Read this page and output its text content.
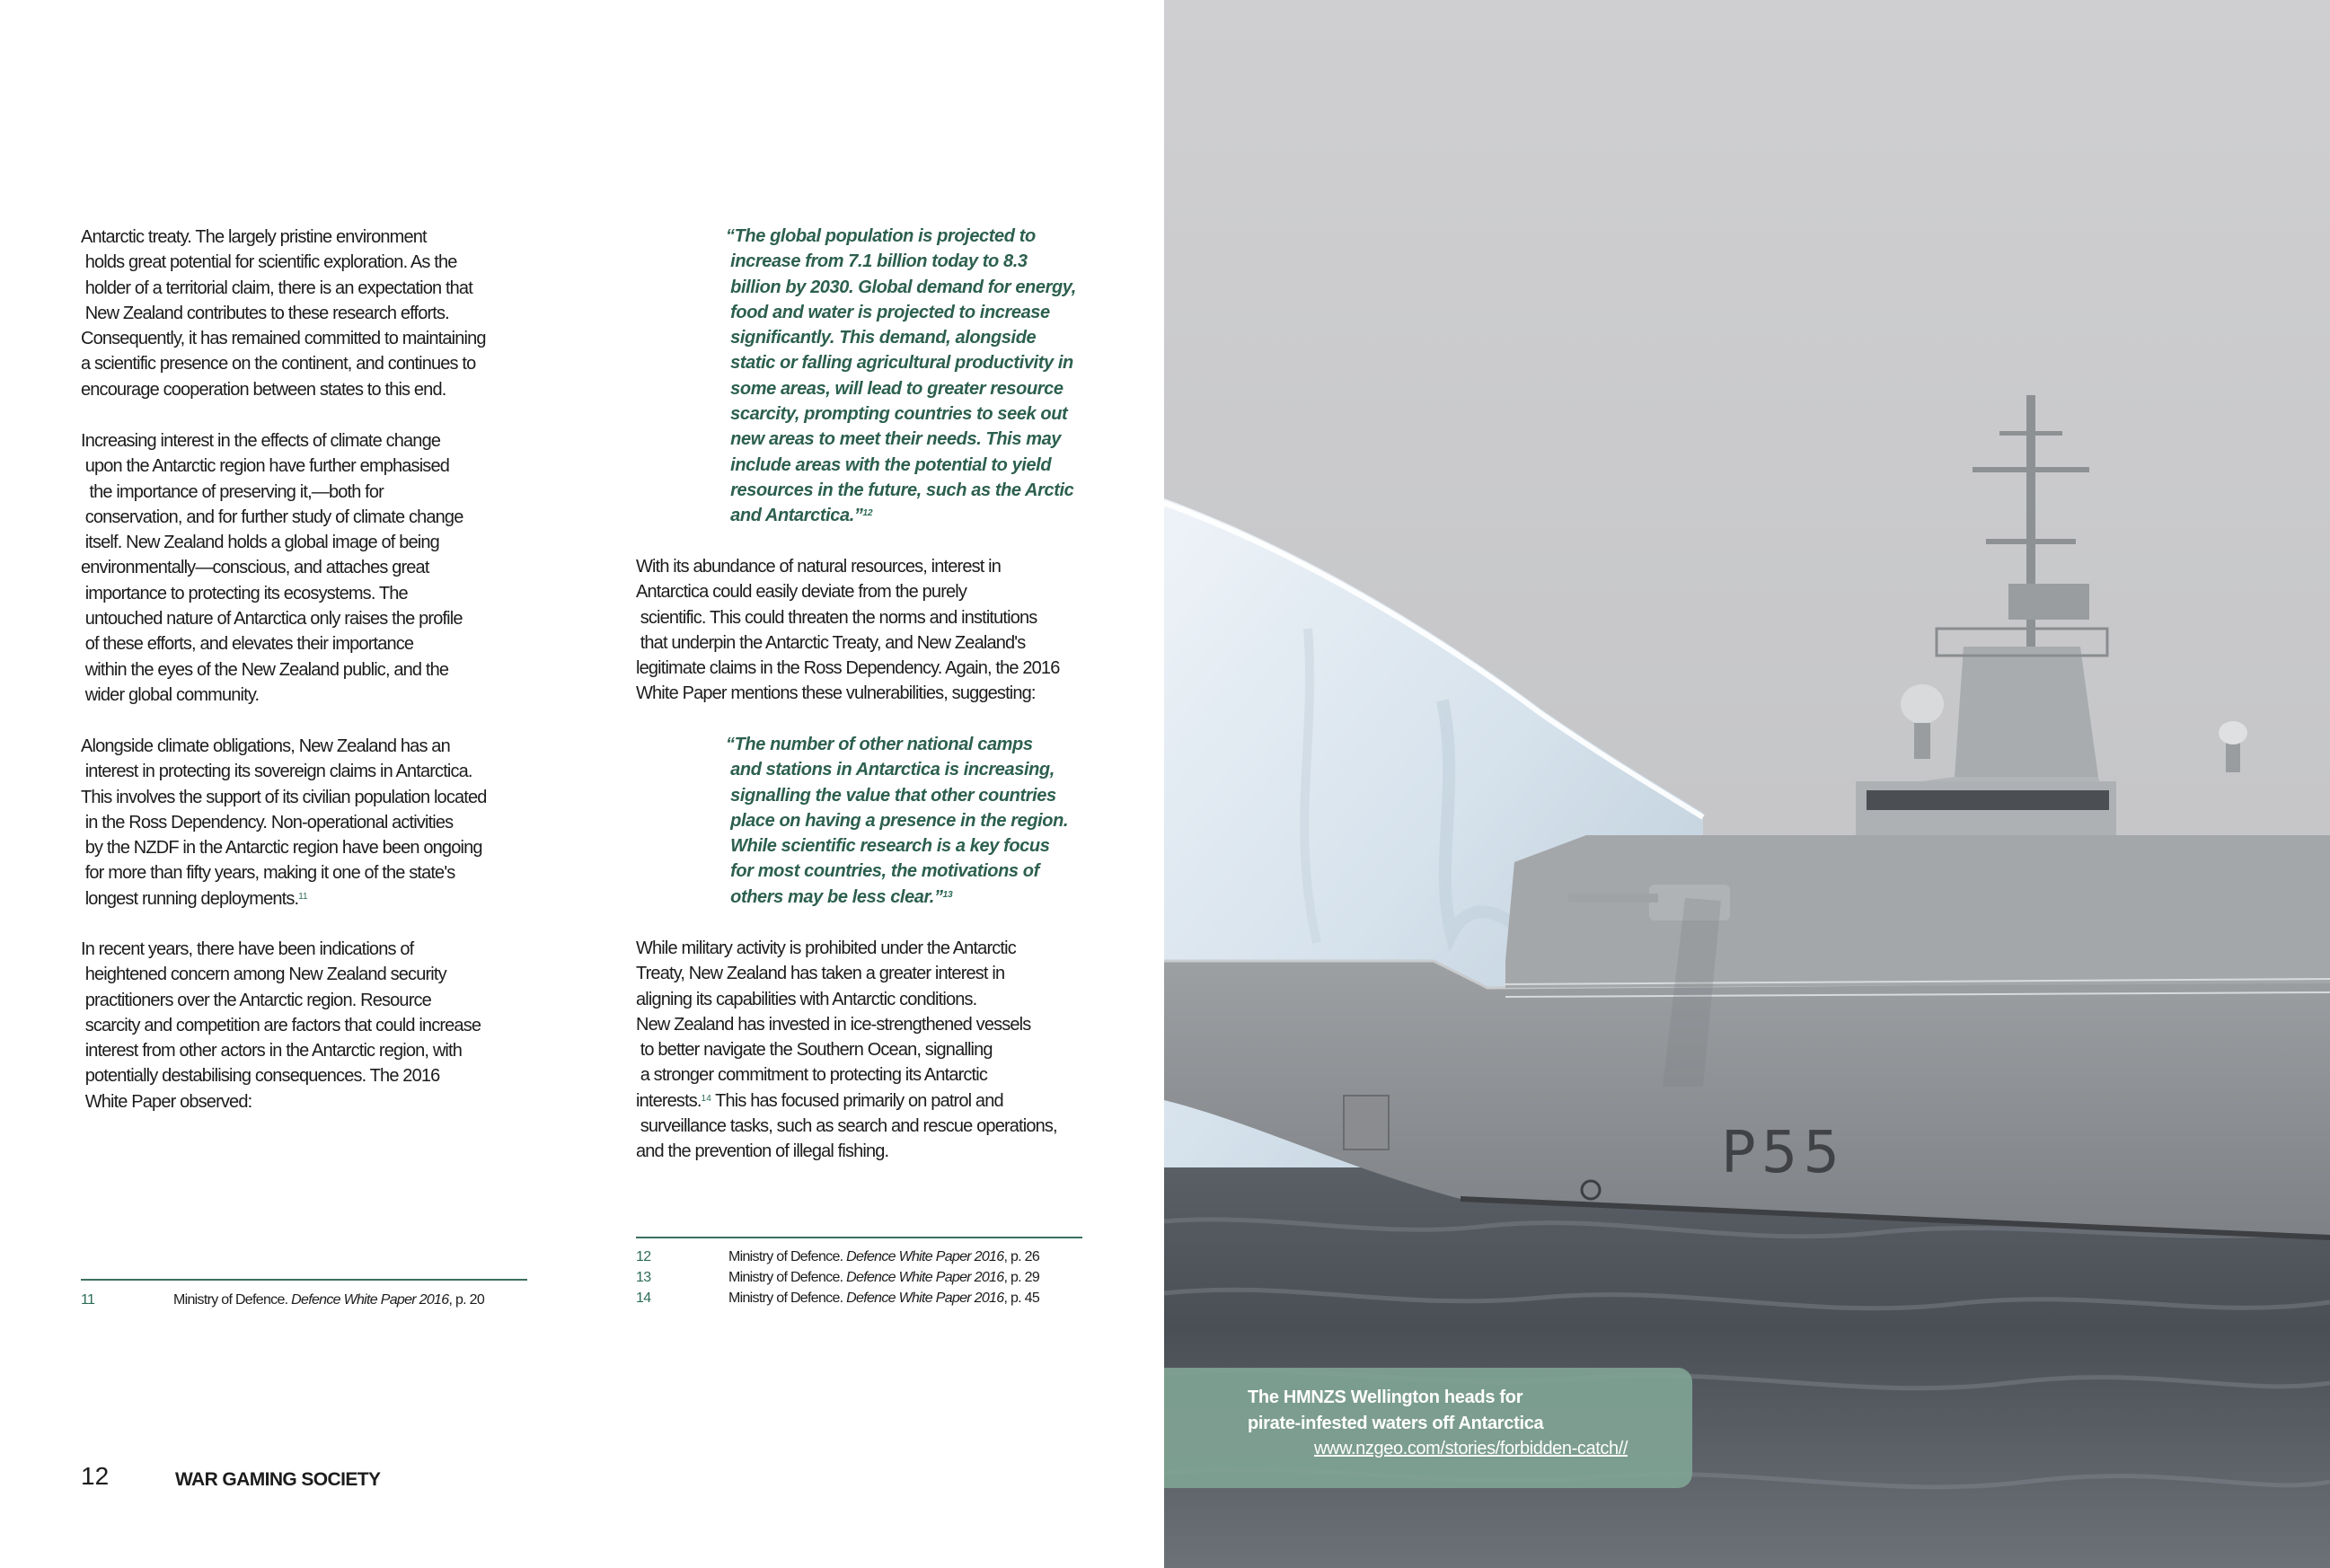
Antarctic treaty. The largely pristine environment
holds great potential for scientific exploration. As the
holder of a territorial claim, there is an expectation that
New Zealand contributes to these research efforts.
Consequently, it has remained committed to maintaining
a scientific presence on the continent, and continues to
encourage cooperation between states to this end.
Increasing interest in the effects of climate change
upon the Antarctic region have further emphasised
the importance of preserving it,—both for
conservation, and for further study of climate change
itself. New Zealand holds a global image of being
environmentally—conscious, and attaches great
importance to protecting its ecosystems. The
untouched nature of Antarctica only raises the profile
of these efforts, and elevates their importance
within the eyes of the New Zealand public, and the
wider global community.
Alongside climate obligations, New Zealand has an
interest in protecting its sovereign claims in Antarctica.
This involves the support of its civilian population located
in the Ross Dependency. Non-operational activities
by the NZDF in the Antarctic region have been ongoing
for more than fifty years, making it one of the state's
longest running deployments.$^{11}$
In recent years, there have been indications of
heightened concern among New Zealand security
practitioners over the Antarctic region. Resource
scarcity and competition are factors that could increase
interest from other actors in the Antarctic region, with
potentially destabilising consequences. The 2016
White Paper observed:
11	Ministry of Defence. Defence White Paper 2016, p. 20
“The global population is projected to
increase from 7.1 billion today to 8.3
billion by 2030. Global demand for energy,
food and water is projected to increase
significantly. This demand, alongside
static or falling agricultural productivity in
some areas, will lead to greater resource
scarcity, prompting countries to seek out
new areas to meet their needs. This may
include areas with the potential to yield
resources in the future, such as the Arctic
and Antarctica.”$^{12}$
With its abundance of natural resources, interest in
Antarctica could easily deviate from the purely
scientific. This could threaten the norms and institutions
that underpin the Antarctic Treaty, and New Zealand's
legitimate claims in the Ross Dependency. Again, the 2016
White Paper mentions these vulnerabilities, suggesting:
“The number of other national camps
and stations in Antarctica is increasing,
signalling the value that other countries
place on having a presence in the region.
While scientific research is a key focus
for most countries, the motivations of
others may be less clear.”$^{13}$
While military activity is prohibited under the Antarctic
Treaty, New Zealand has taken a greater interest in
aligning its capabilities with Antarctic conditions.
New Zealand has invested in ice-strengthened vessels
to better navigate the Southern Ocean, signalling
a stronger commitment to protecting its Antarctic
interests.$^{14}$ This has focused primarily on patrol and
surveillance tasks, such as search and rescue operations,
and the prevention of illegal fishing.
12	Ministry of Defence. Defence White Paper 2016, p. 26
13	Ministry of Defence. Defence White Paper 2016, p. 29
14	Ministry of Defence. Defence White Paper 2016, p. 45
12	WAR GAMING SOCIETY
P55
The HMNZS Wellington heads for
pirate-infested waters off Antarctica
www.nzgeo.com/stories/forbidden-catch//
